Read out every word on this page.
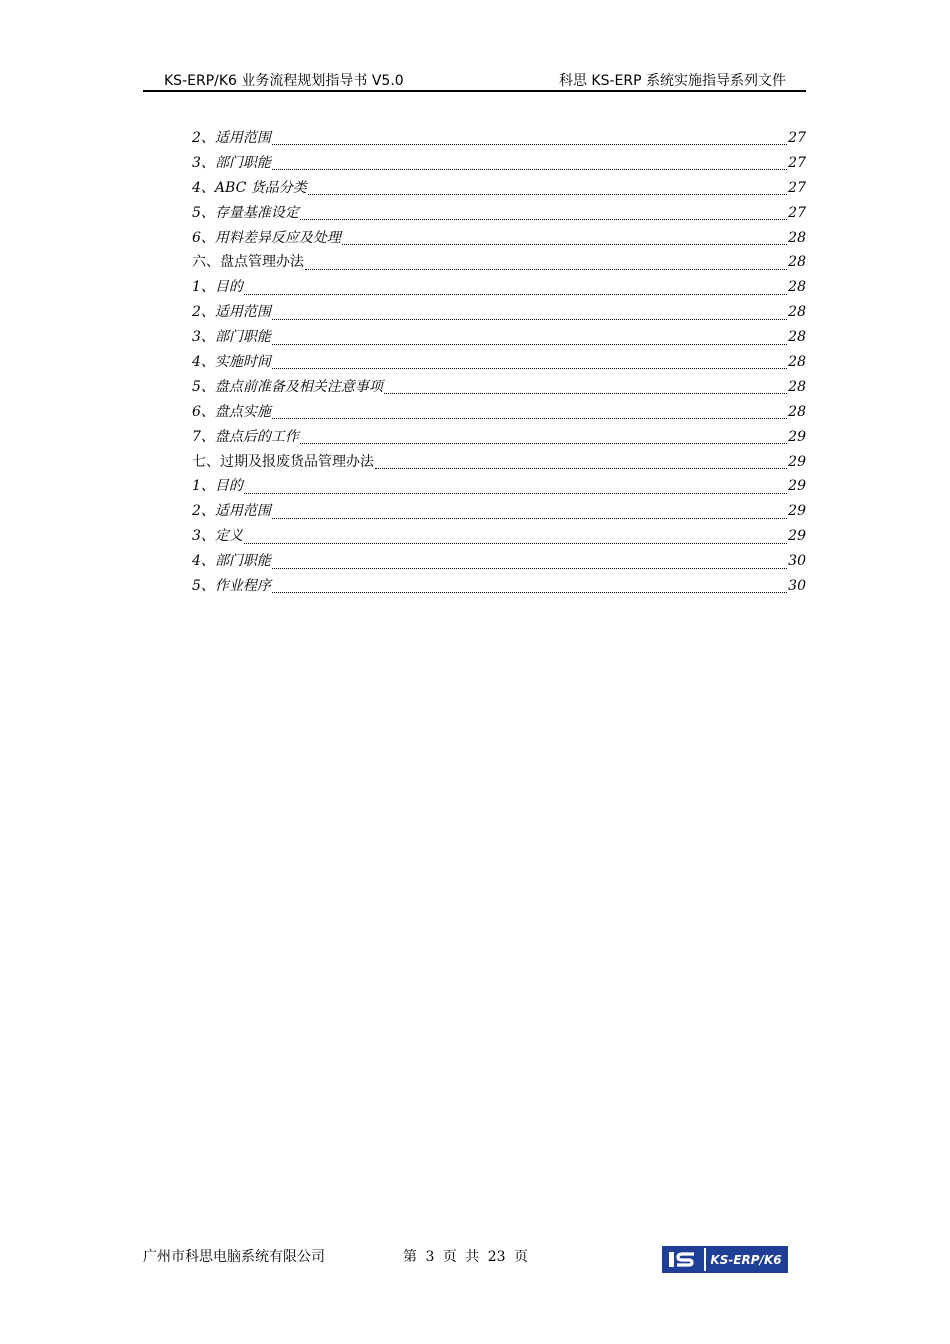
KS-ERP/K6 业务流程规划指导书 V5.0	科思 KS-ERP 系统实施指导系列文件
2、适用范围	27
3、部门职能	27
4、ABC 货品分类	27
5、存量基准设定	27
6、用料差异反应及处理	28
六、盘点管理办法	28
1、目的	28
2、适用范围	28
3、部门职能	28
4、实施时间	28
5、盘点前准备及相关注意事项	28
6、盘点实施	28
7、盘点后的工作	29
七、过期及报废货品管理办法	29
1、目的	29
2、适用范围	29
3、定义	29
4、部门职能	30
5、作业程序	30
广州市科思电脑系统有限公司	第 3 页 共 23 页	KS-ERP/K6
